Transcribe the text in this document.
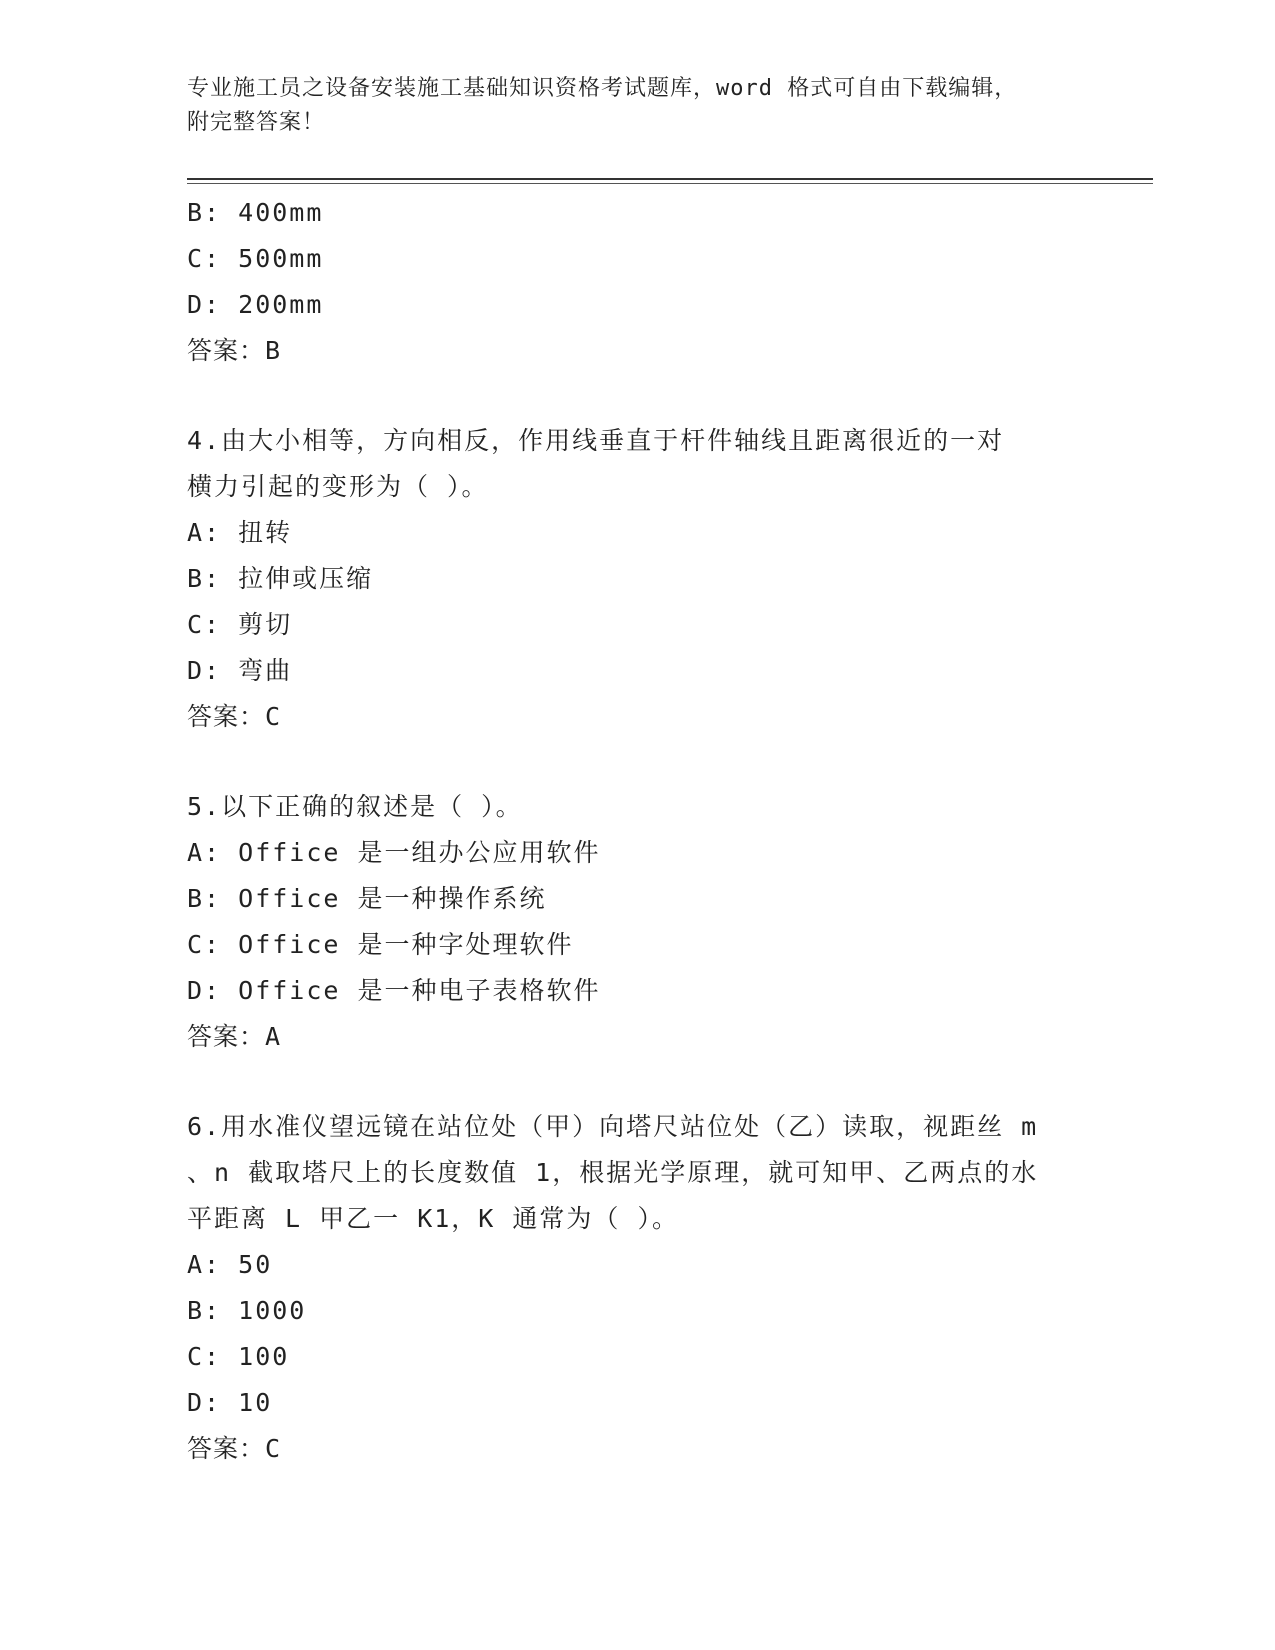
专业施工员之设备安装施工基础知识资格考试题库，word 格式可自由下载编辑，
附完整答案！
B: 400mm
C: 500mm
D: 200mm
答案：B
4.由大小相等，方向相反，作用线垂直于杆件轴线且距离很近的一对
横力引起的变形为（ ）。
A: 扭转
B: 拉伸或压缩
C: 剪切
D: 弯曲
答案：C
5.以下正确的叙述是（ ）。
A: Office 是一组办公应用软件
B: Office 是一种操作系统
C: Office 是一种字处理软件
D: Office 是一种电子表格软件
答案：A
6.用水准仪望远镜在站位处（甲）向塔尺站位处（乙）读取，视距丝 m
、n 截取塔尺上的长度数值 1，根据光学原理，就可知甲、乙两点的水
平距离 L 甲乙一 K1，K 通常为（ ）。
A: 50
B: 1000
C: 100
D: 10
答案：C
